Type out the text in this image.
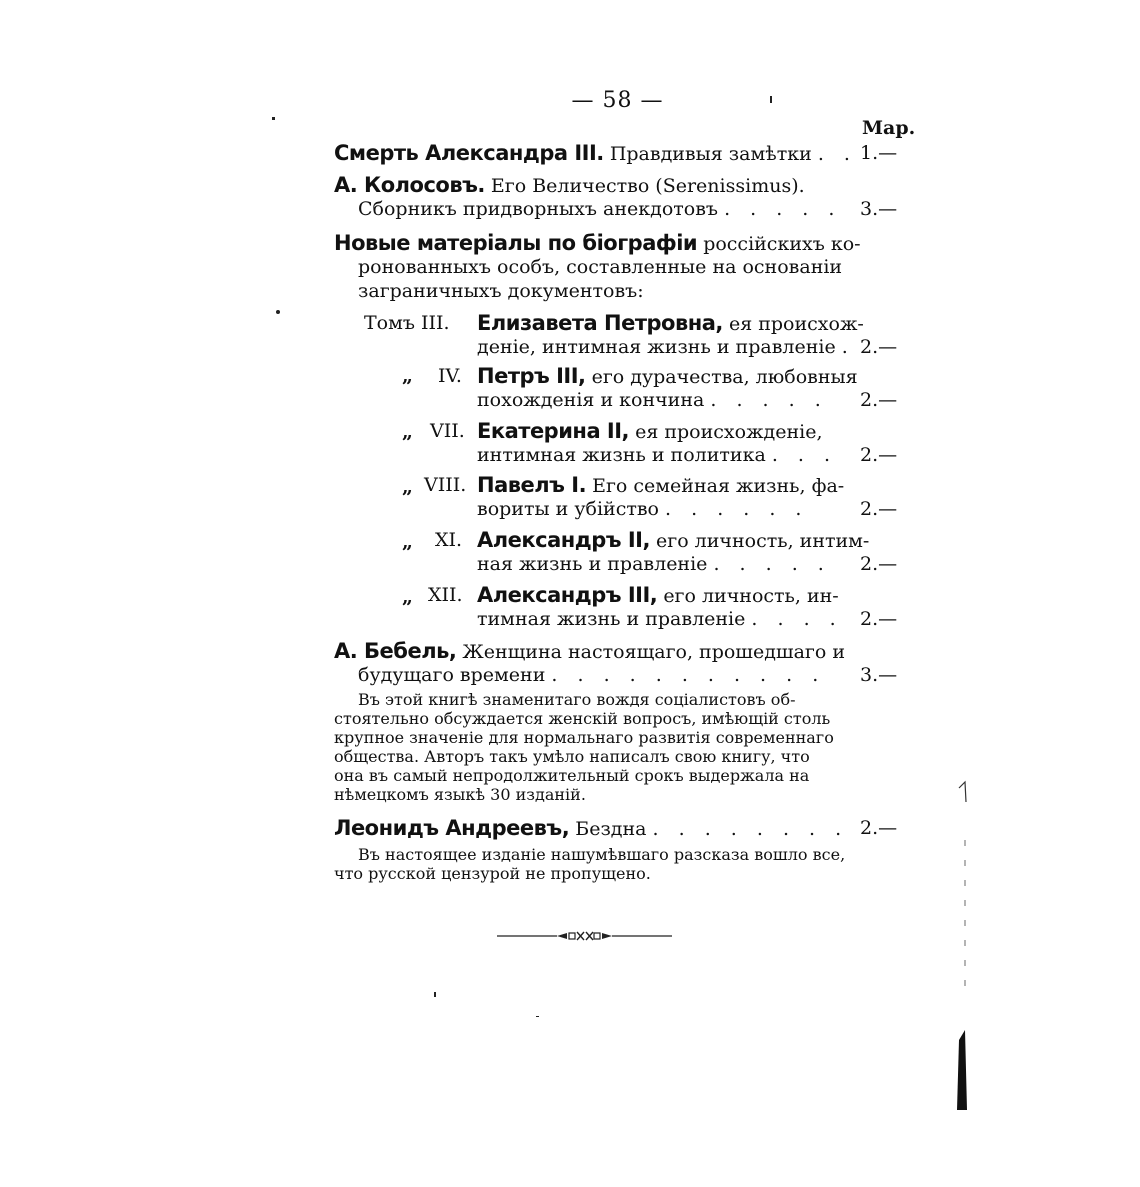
— 58 —
Мар.
Смерть Александра III. Правдивыя замѣтки . . 1.—
А. Колосовъ. Его Величество (Serenissimus).
Сборникъ придворныхъ анекдотовъ . . . . . 3.—
Новые матеріалы по біографіи россійскихъ ко-
ронованныхъ особъ, составленные на основаніи
заграничныхъ документовъ:
Томъ III. Елизавета Петровна, ея происхож-
деніе, интимная жизнь и правленіе . 2.—
„ IV. Петръ III, его дурачества, любовныя
похожденія и кончина . . . . . 2.—
„ VII. Екатерина II, ея происхожденіе,
интимная жизнь и политика . . . 2.—
„ VIII. Павелъ I. Его семейная жизнь, фа-
вориты и убійство . . . . . .	2.—
„ XI. Александръ II, его личность, интим-
ная жизнь и правленіе . . . . . 2.—
„ XII. Александръ III, его личность, ин-
тимная жизнь и правленіе . . . . 2.—
А. Бебель, Женщина настоящаго, прошедшаго и
будущаго времени . . . . . . . . . . . 3.—
Въ этой книгѣ знаменитаго вождя соціалистовъ об-
стоятельно обсуждается женскій вопросъ, имѣющій столь
крупное значеніе для нормальнаго развитія современнаго
общества. Авторъ такъ умѣло написалъ свою книгу, что
она въ самый непродолжительный срокъ выдержала на
нѣмецкомъ языкѣ 30 изданій.
Леонидъ Андреевъ, Бездна . . . . . . . . 2.—
Въ настоящее изданіе нашумѣвшаго разсказа вошло все,
что русской цензурой не пропущено.
